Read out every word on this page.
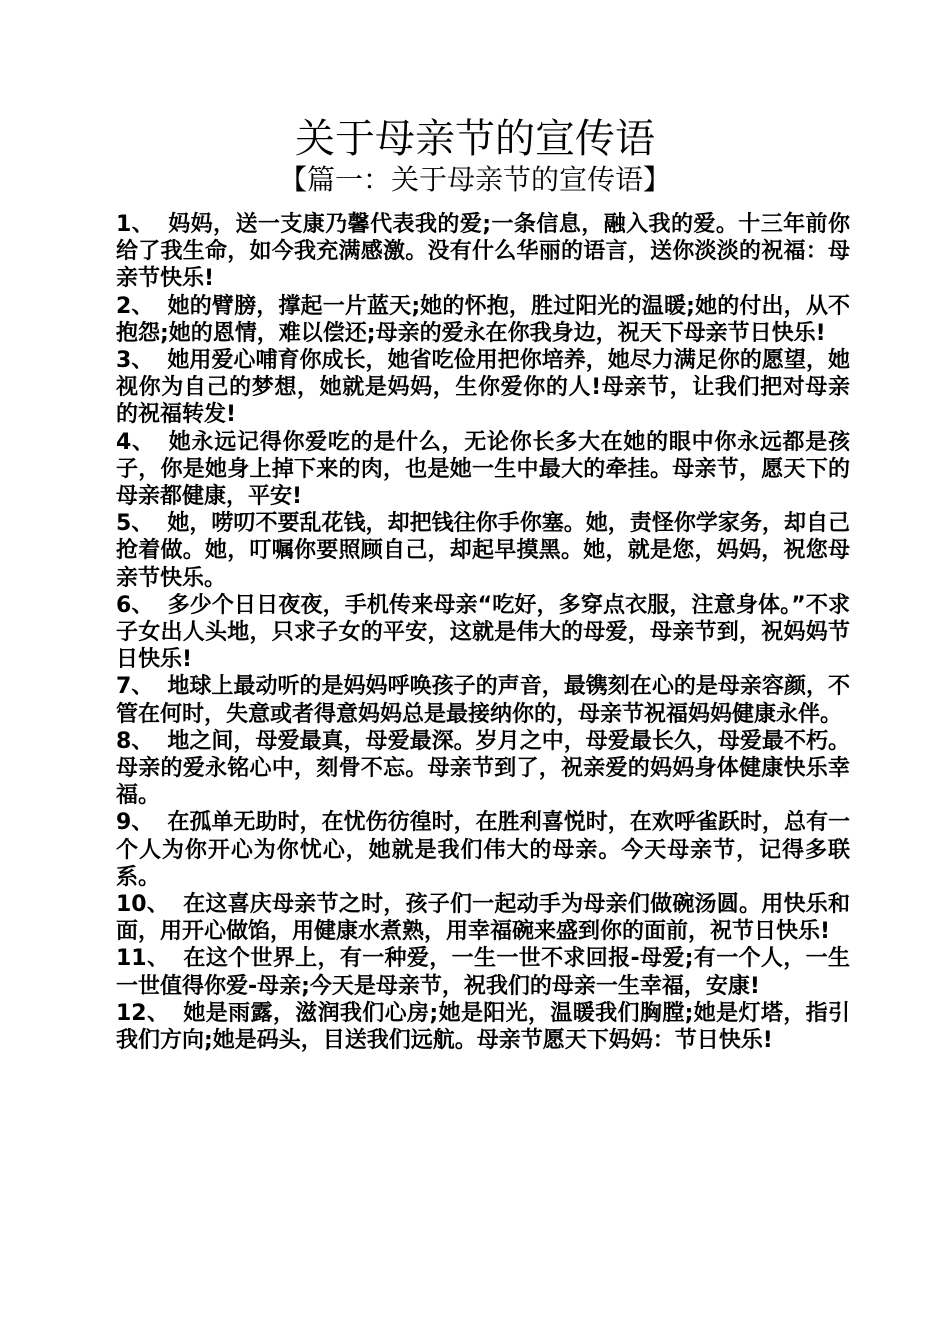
关于母亲节的宣传语
【篇一：关于母亲节的宣传语】

1、 妈妈，送一支康乃馨代表我的爱;一条信息，融入我的爱。十三年前你给了我生命，如今我充满感激。没有什么华丽的语言，送你淡淡的祝福：母亲节快乐!

2、 她的臂膀，撑起一片蓝天;她的怀抱，胜过阳光的温暖;她的付出，从不抱怨;她的恩情，难以偿还;母亲的爱永在你我身边，祝天下母亲节日快乐!

3、 她用爱心哺育你成长，她省吃俭用把你培养，她尽力满足你的愿望，她视你为自己的梦想，她就是妈妈，生你爱你的人!母亲节，让我们把对母亲的祝福转发!

4、 她永远记得你爱吃的是什么，无论你长多大在她的眼中你永远都是孩子，你是她身上掉下来的肉，也是她一生中最大的牵挂。母亲节，愿天下的母亲都健康，平安!

5、 她，唠叨不要乱花钱，却把钱往你手你塞。她，责怪你学家务，却自己抢着做。她，叮嘱你要照顾自己，却起早摸黑。她，就是您，妈妈，祝您母亲节快乐。

6、 多少个日日夜夜，手机传来母亲“吃好，多穿点衣服，注意身体。”不求子女出人头地，只求子女的平安，这就是伟大的母爱，母亲节到，祝妈妈节日快乐!

7、 地球上最动听的是妈妈呼唤孩子的声音，最镌刻在心的是母亲容颜，不管在何时，失意或者得意妈妈总是最接纳你的，母亲节祝福妈妈健康永伴。

8、 地之间，母爱最真，母爱最深。岁月之中，母爱最长久，母爱最不朽。母亲的爱永铭心中，刻骨不忘。母亲节到了，祝亲爱的妈妈身体健康快乐幸福。

9、 在孤单无助时，在忧伤彷徨时，在胜利喜悦时，在欢呼雀跃时，总有一个人为你开心为你忧心，她就是我们伟大的母亲。今天母亲节，记得多联系。

10、 在这喜庆母亲节之时，孩子们一起动手为母亲们做碗汤圆。用快乐和面，用开心做馅，用健康水煮熟，用幸福碗来盛到你的面前，祝节日快乐!

11、 在这个世界上，有一种爱，一生一世不求回报-母爱;有一个人，一生一世值得你爱-母亲;今天是母亲节，祝我们的母亲一生幸福，安康!

12、 她是雨露，滋润我们心房;她是阳光，温暖我们胸膛;她是灯塔，指引我们方向;她是码头，目送我们远航。母亲节愿天下妈妈：节日快乐!
